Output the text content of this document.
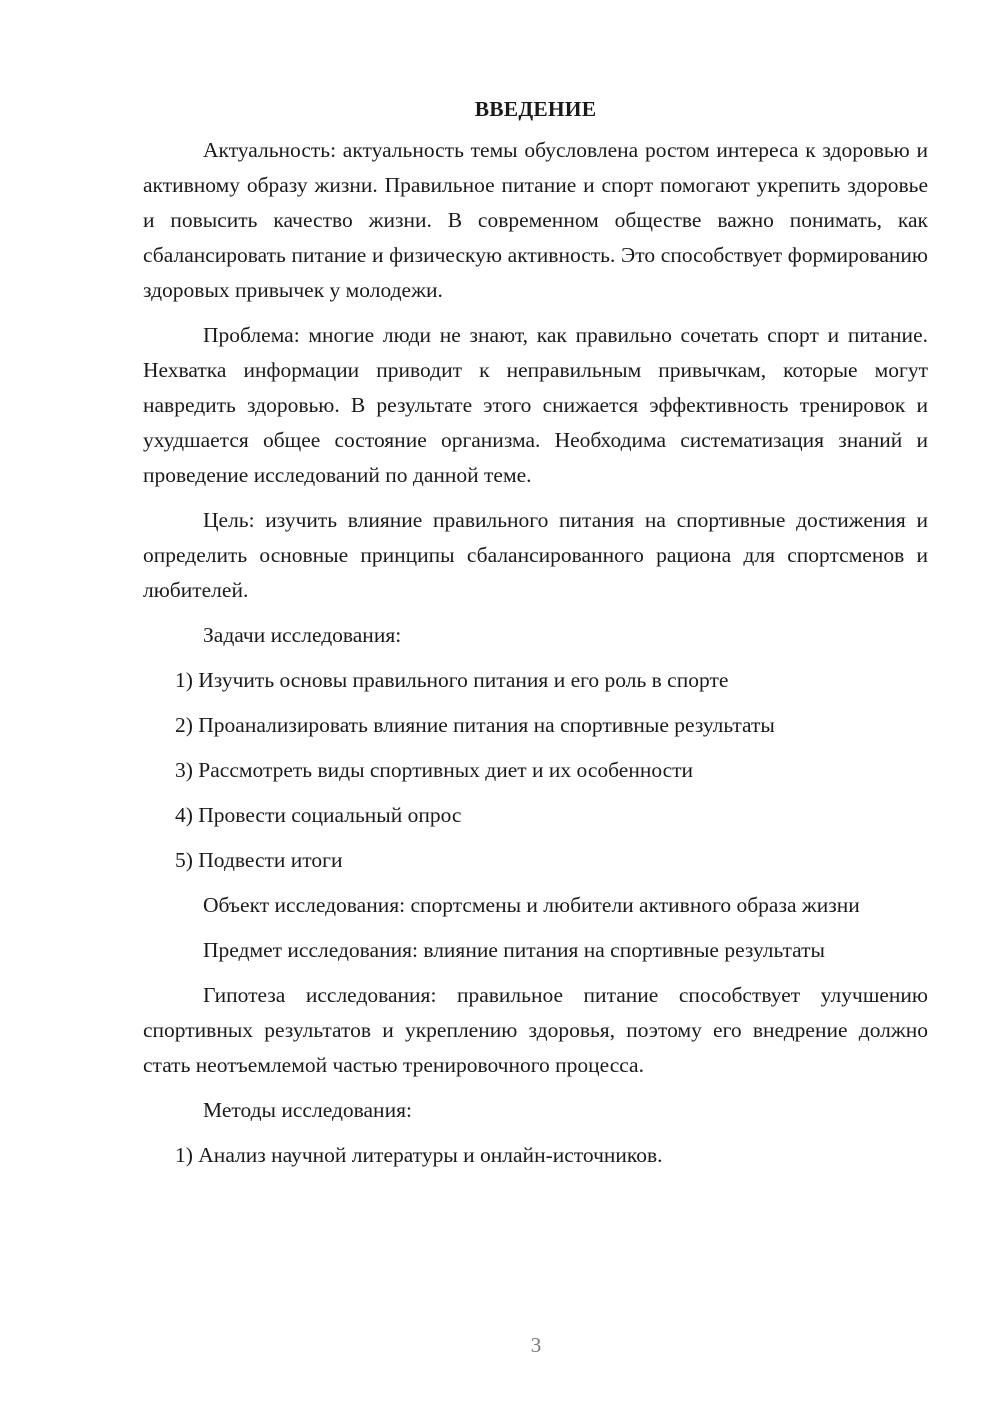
ВВЕДЕНИЕ

Актуальность: актуальность темы обусловлена ростом интереса к здоровью и активному образу жизни. Правильное питание и спорт помогают укрепить здоровье и повысить качество жизни. В современном обществе важно понимать, как сбалансировать питание и физическую активность. Это способствует формированию здоровых привычек у молодежи.

Проблема: многие люди не знают, как правильно сочетать спорт и питание. Нехватка информации приводит к неправильным привычкам, которые могут навредить здоровью. В результате этого снижается эффективность тренировок и ухудшается общее состояние организма. Необходима систематизация знаний и проведение исследований по данной теме.

Цель: изучить влияние правильного питания на спортивные достижения и определить основные принципы сбалансированного рациона для спортсменов и любителей.

Задачи исследования:

1) Изучить основы правильного питания и его роль в спорте

2) Проанализировать влияние питания на спортивные результаты

3) Рассмотреть виды спортивных диет и их особенности

4) Провести социальный опрос

5) Подвести итоги

Объект исследования: спортсмены и любители активного образа жизни

Предмет исследования: влияние питания на спортивные результаты

Гипотеза исследования: правильное питание способствует улучшению спортивных результатов и укреплению здоровья, поэтому его внедрение должно стать неотъемлемой частью тренировочного процесса.

Методы исследования:

1) Анализ научной литературы и онлайн-источников.

3
